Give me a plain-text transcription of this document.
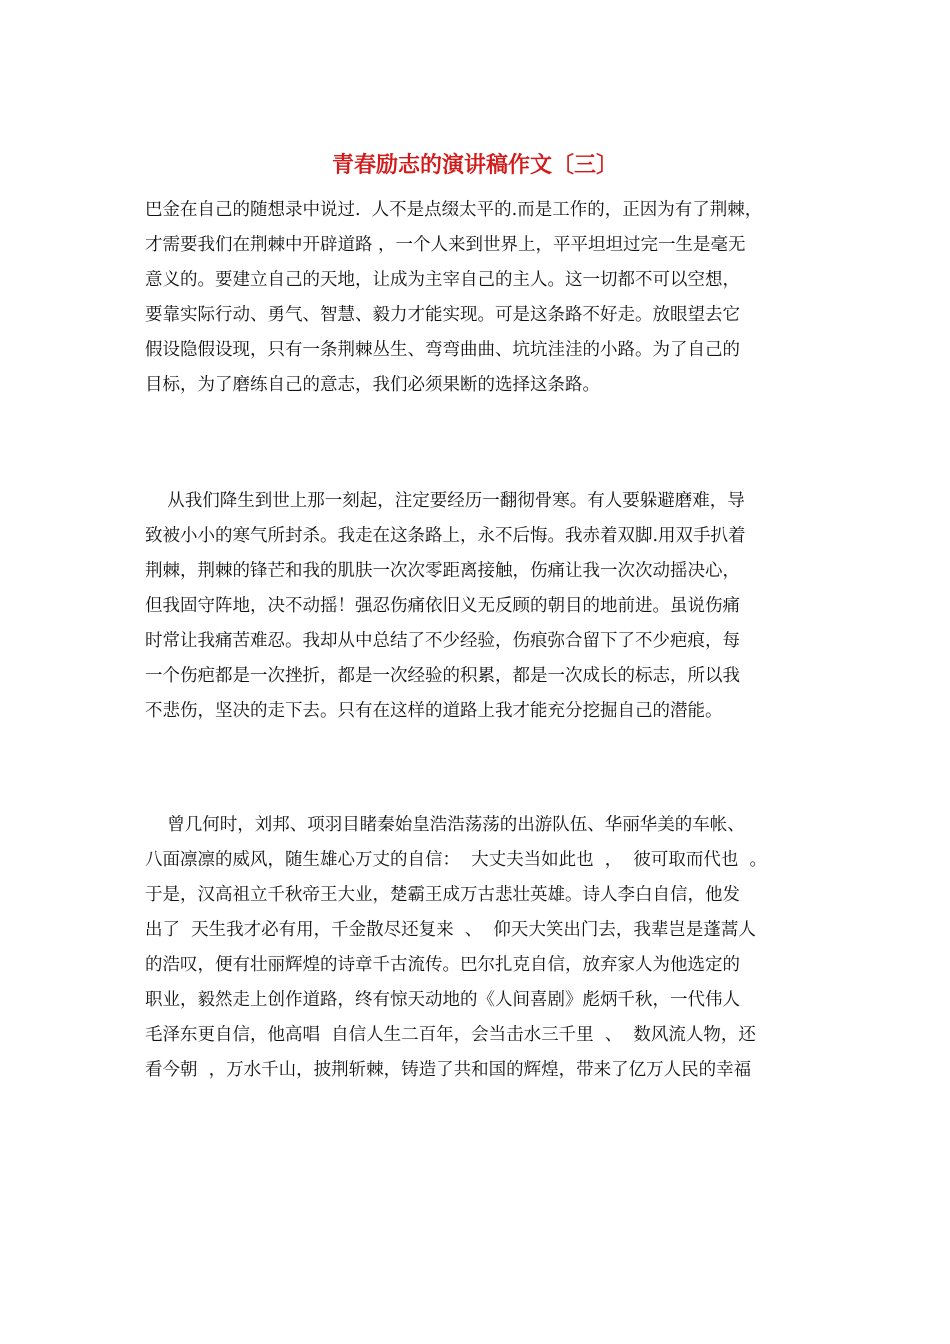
青春励志的演讲稿作文〔三〕
巴金在自己的随想录中说过.  人不是点缀太平的.而是工作的，正因为有了荆棘，
才需要我们在荆棘中开辟道路 ，一个人来到世界上，平平坦坦过完一生是毫无
意义的。要建立自己的天地，让成为主宰自己的主人。这一切都不可以空想，
要靠实际行动、勇气、智慧、毅力才能实现。可是这条路不好走。放眼望去它
假设隐假设现，只有一条荆棘丛生、弯弯曲曲、坑坑洼洼的小路。为了自己的
目标，为了磨练自己的意志，我们必须果断的选择这条路。
从我们降生到世上那一刻起，注定要经历一翻彻骨寒。有人要躲避磨难，导
致被小小的寒气所封杀。我走在这条路上，永不后悔。我赤着双脚.用双手扒着
荆棘，荆棘的锋芒和我的肌肤一次次零距离接触，伤痛让我一次次动摇决心，
但我固守阵地，决不动摇！强忍伤痛依旧义无反顾的朝目的地前进。虽说伤痛
时常让我痛苦难忍。我却从中总结了不少经验，伤痕弥合留下了不少疤痕，每
一个伤疤都是一次挫折，都是一次经验的积累，都是一次成长的标志，所以我
不悲伤，坚决的走下去。只有在这样的道路上我才能充分挖掘自己的潜能。
曾几何时，刘邦、项羽目睹秦始皇浩浩荡荡的出游队伍、华丽华美的车帐、
八面凛凛的威风，随生雄心万丈的自信：  大丈夫当如此也  ，  彼可取而代也  。
于是，汉高祖立千秋帝王大业，楚霸王成万古悲壮英雄。诗人李白自信，他发
出了  天生我才必有用，千金散尽还复来  、  仰天大笑出门去，我辈岂是蓬蒿人
的浩叹，便有壮丽辉煌的诗章千古流传。巴尔扎克自信，放弃家人为他选定的
职业，毅然走上创作道路，终有惊天动地的《人间喜剧》彪炳千秋，一代伟人
毛泽东更自信，他高唱  自信人生二百年，会当击水三千里  、  数风流人物，还
看今朝  ，万水千山，披荆斩棘，铸造了共和国的辉煌，带来了亿万人民的幸福
